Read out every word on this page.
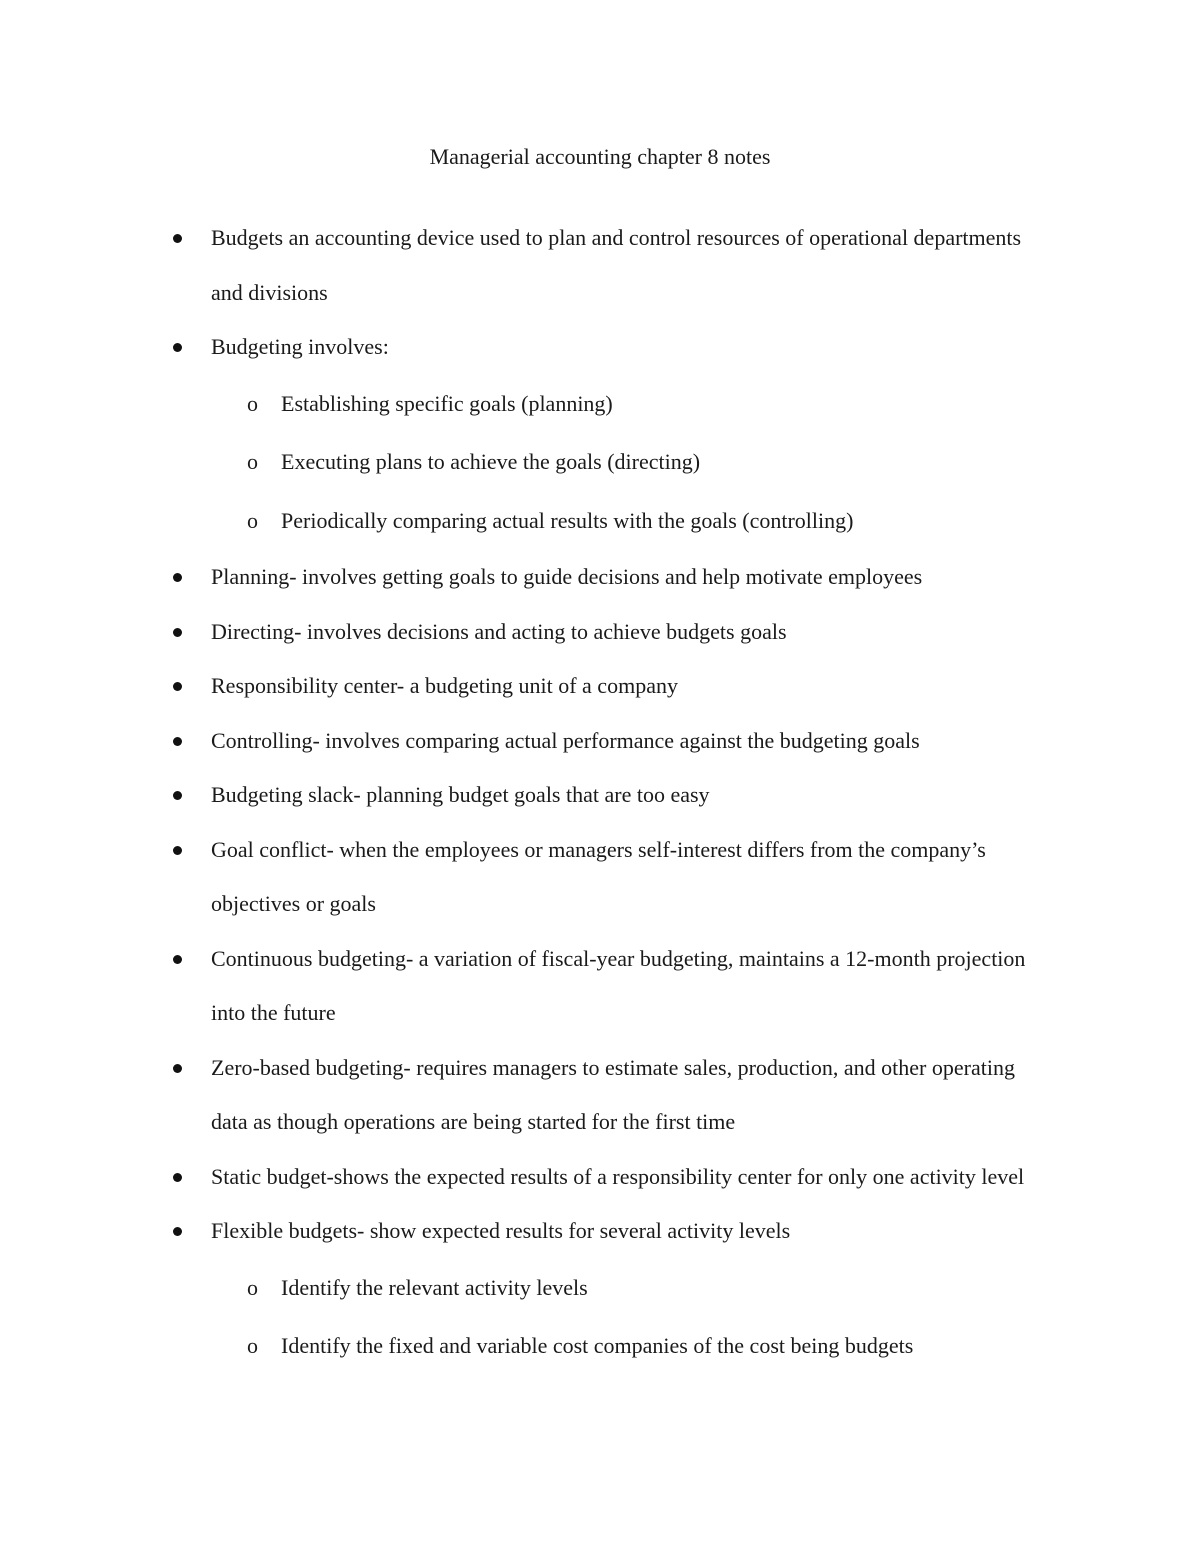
Managerial accounting chapter 8 notes
Budgets an accounting device used to plan and control resources of operational departments and divisions
Budgeting involves:
o Establishing specific goals (planning)
o Executing plans to achieve the goals (directing)
o Periodically comparing actual results with the goals (controlling)
Planning- involves getting goals to guide decisions and help motivate employees
Directing- involves decisions and acting to achieve budgets goals
Responsibility center- a budgeting unit of a company
Controlling- involves comparing actual performance against the budgeting goals
Budgeting slack- planning budget goals that are too easy
Goal conflict- when the employees or managers self-interest differs from the company’s objectives or goals
Continuous budgeting- a variation of fiscal-year budgeting, maintains a 12-month projection into the future
Zero-based budgeting- requires managers to estimate sales, production, and other operating data as though operations are being started for the first time
Static budget-shows the expected results of a responsibility center for only one activity level
Flexible budgets- show expected results for several activity levels
o Identify the relevant activity levels
o Identify the fixed and variable cost companies of the cost being budgets
